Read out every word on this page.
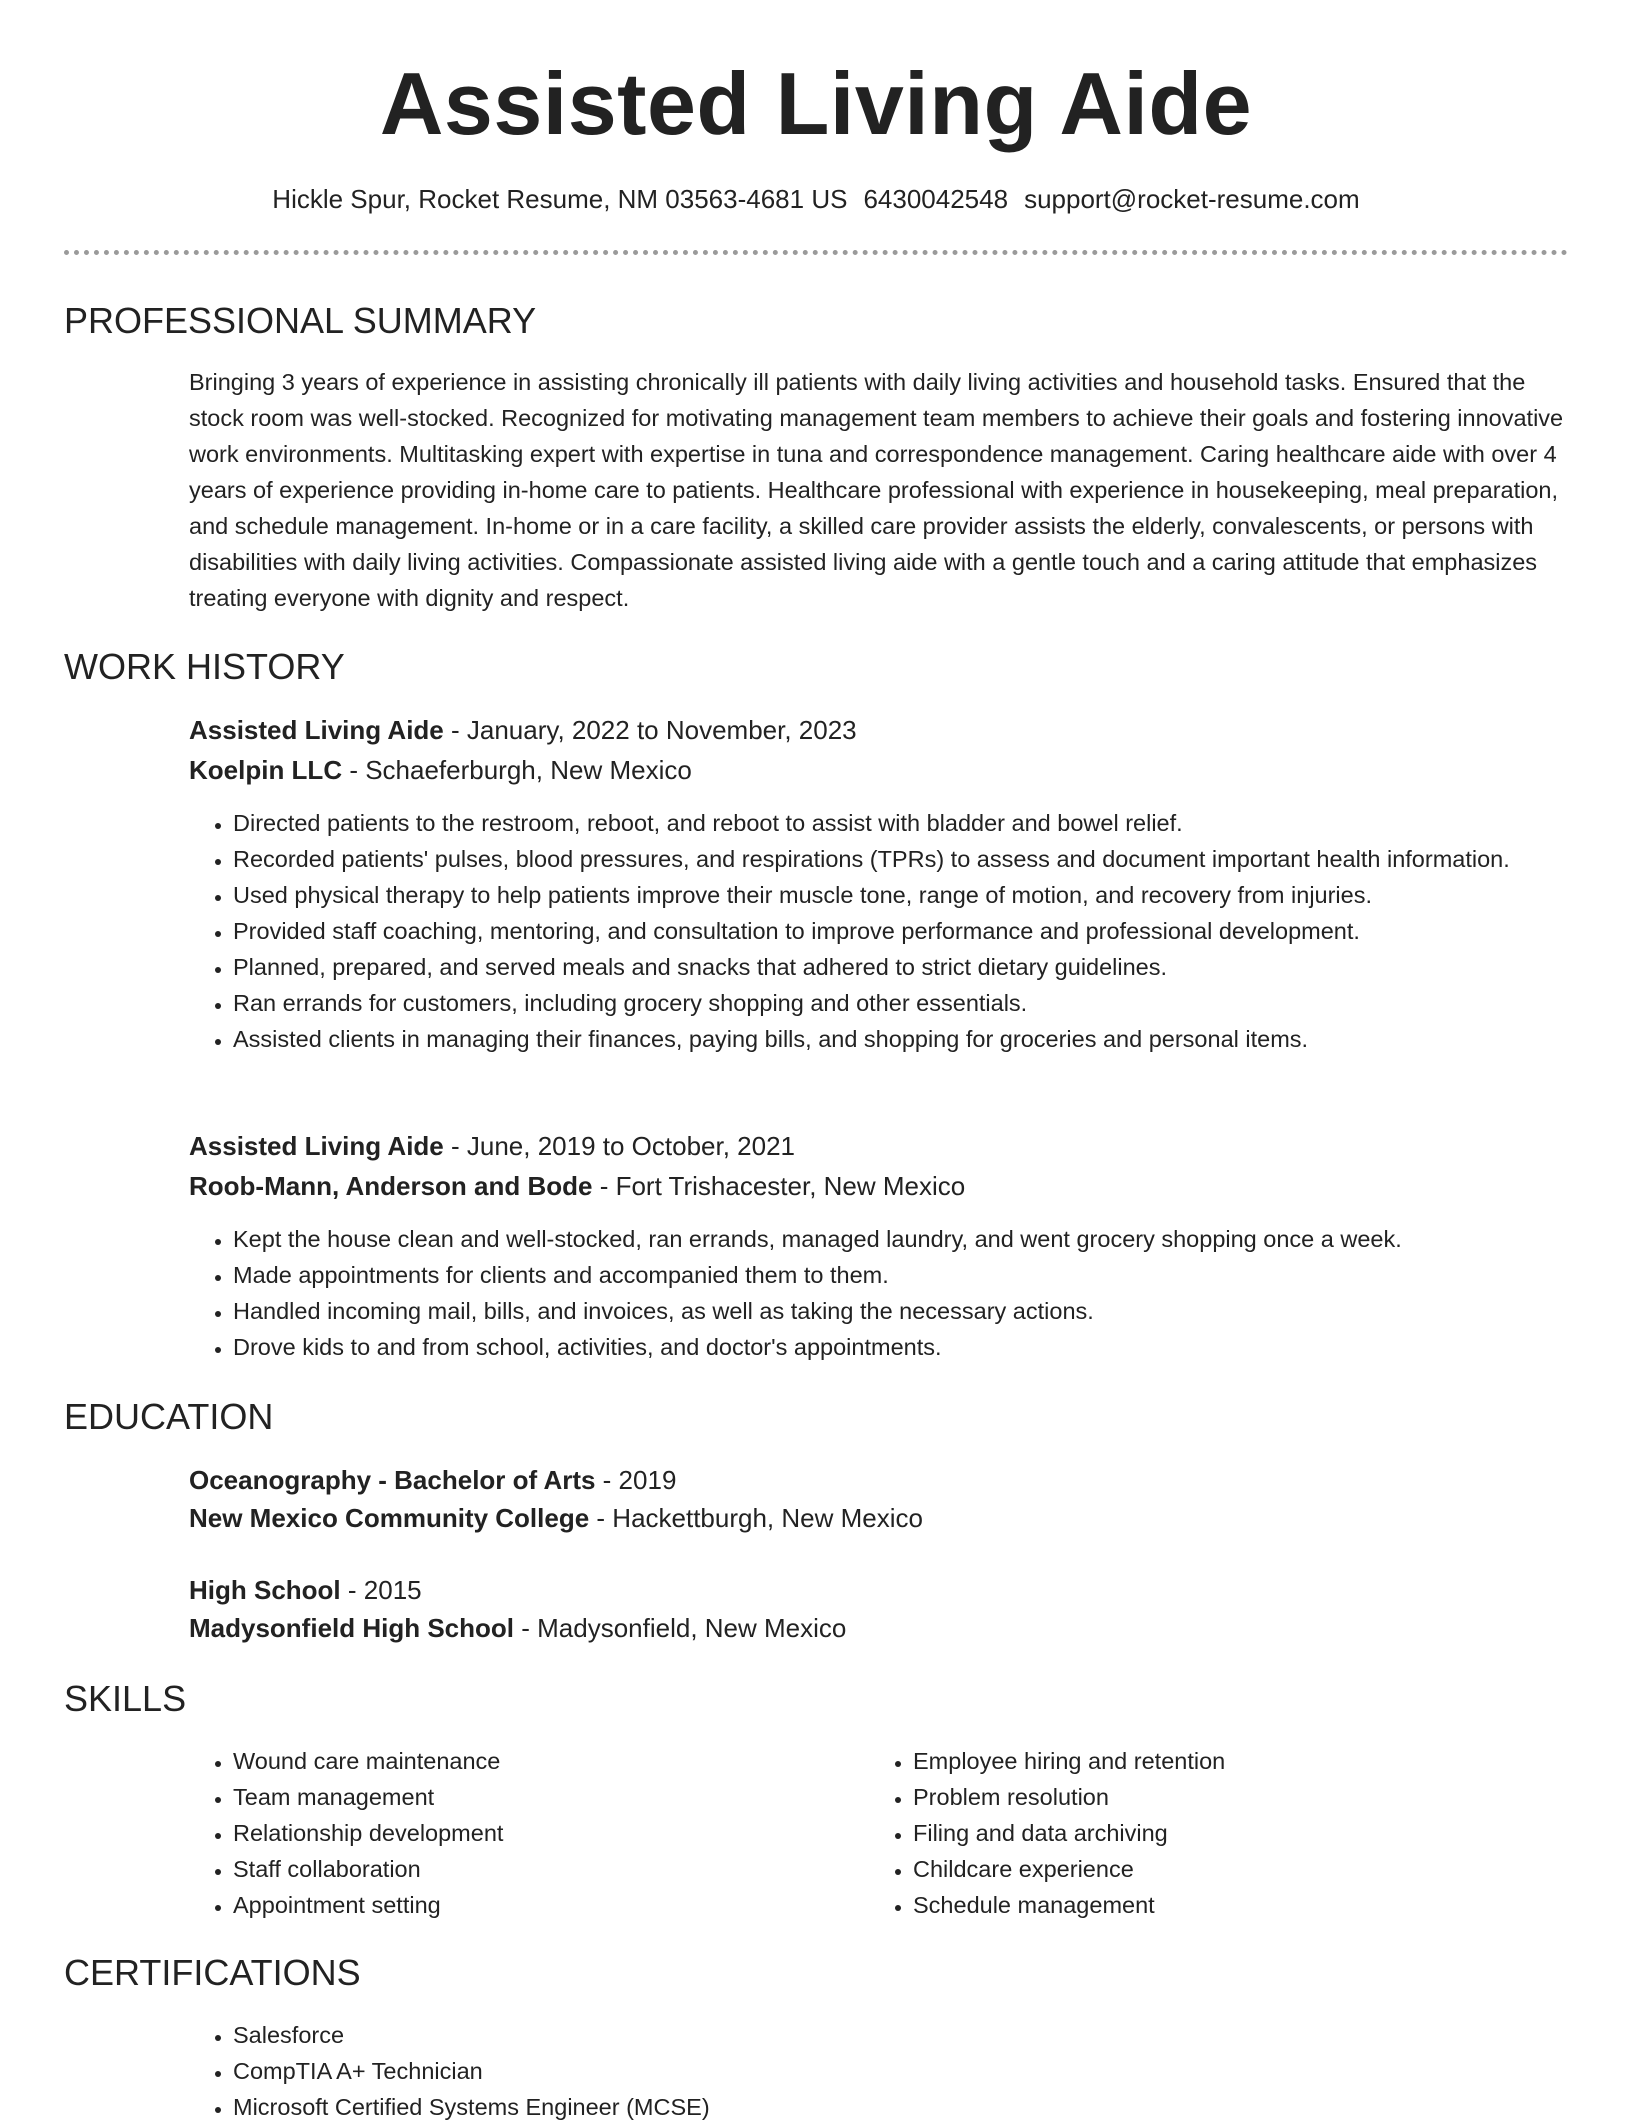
Assisted Living Aide
Hickle Spur, Rocket Resume, NM 03563-4681 US 6430042548 support@rocket-resume.com
PROFESSIONAL SUMMARY
Bringing 3 years of experience in assisting chronically ill patients with daily living activities and household tasks. Ensured that the stock room was well-stocked. Recognized for motivating management team members to achieve their goals and fostering innovative work environments. Multitasking expert with expertise in tuna and correspondence management. Caring healthcare aide with over 4 years of experience providing in-home care to patients. Healthcare professional with experience in housekeeping, meal preparation, and schedule management. In-home or in a care facility, a skilled care provider assists the elderly, convalescents, or persons with disabilities with daily living activities. Compassionate assisted living aide with a gentle touch and a caring attitude that emphasizes treating everyone with dignity and respect.
WORK HISTORY
Assisted Living Aide - January, 2022 to November, 2023
Koelpin LLC - Schaeferburgh, New Mexico
• Directed patients to the restroom, reboot, and reboot to assist with bladder and bowel relief.
• Recorded patients' pulses, blood pressures, and respirations (TPRs) to assess and document important health information.
• Used physical therapy to help patients improve their muscle tone, range of motion, and recovery from injuries.
• Provided staff coaching, mentoring, and consultation to improve performance and professional development.
• Planned, prepared, and served meals and snacks that adhered to strict dietary guidelines.
• Ran errands for customers, including grocery shopping and other essentials.
• Assisted clients in managing their finances, paying bills, and shopping for groceries and personal items.
Assisted Living Aide - June, 2019 to October, 2021
Roob-Mann, Anderson and Bode - Fort Trishacester, New Mexico
• Kept the house clean and well-stocked, ran errands, managed laundry, and went grocery shopping once a week.
• Made appointments for clients and accompanied them to them.
• Handled incoming mail, bills, and invoices, as well as taking the necessary actions.
• Drove kids to and from school, activities, and doctor's appointments.
EDUCATION
Oceanography - Bachelor of Arts - 2019
New Mexico Community College - Hackettburgh, New Mexico
High School - 2015
Madysonfield High School - Madysonfield, New Mexico
SKILLS
• Wound care maintenance
• Team management
• Relationship development
• Staff collaboration
• Appointment setting
• Employee hiring and retention
• Problem resolution
• Filing and data archiving
• Childcare experience
• Schedule management
CERTIFICATIONS
• Salesforce
• CompTIA A+ Technician
• Microsoft Certified Systems Engineer (MCSE)
